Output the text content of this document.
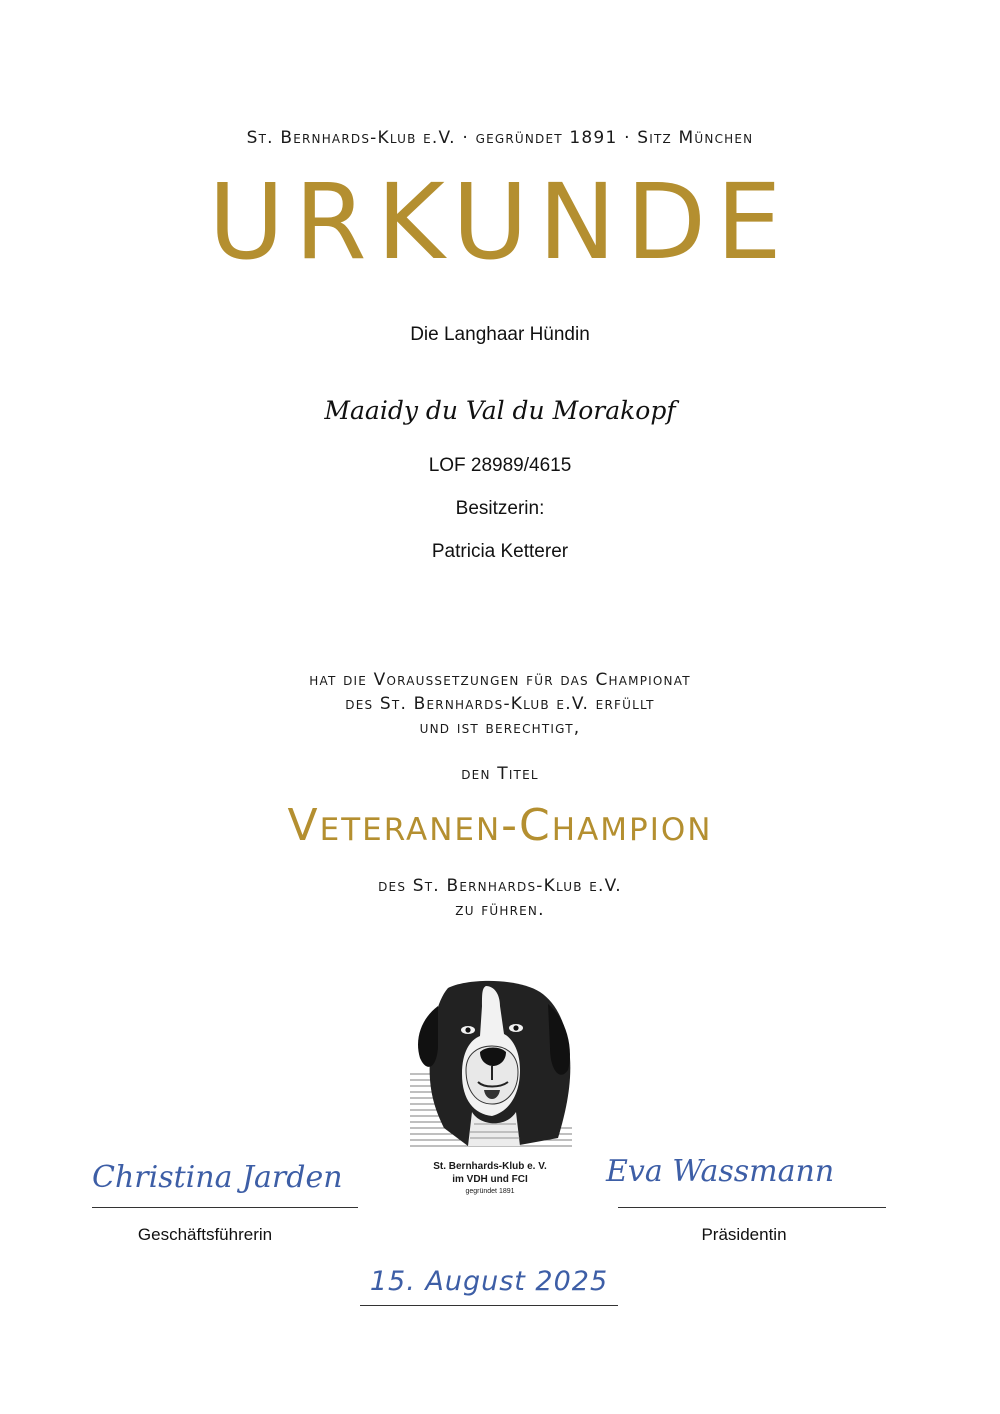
St. Bernhards-Klub e.V. · gegründet 1891 · Sitz München
URKUNDE
Die Langhaar Hündin
Maaidy du Val du Morakopf
LOF 28989/4615
Besitzerin:
Patricia Ketterer
hat die Voraussetzungen für das Championat
des St. Bernhards-Klub e.V. erfüllt
und ist berechtigt,
den Titel
Veteranen-Champion
des St. Bernhards-Klub e.V.
zu führen.
St. Bernhards-Klub e. V.
im VDH und FCI
gegründet 1891
Christina Jarden
Geschäftsführerin
Eva Wassmann
Präsidentin
15. August 2025
